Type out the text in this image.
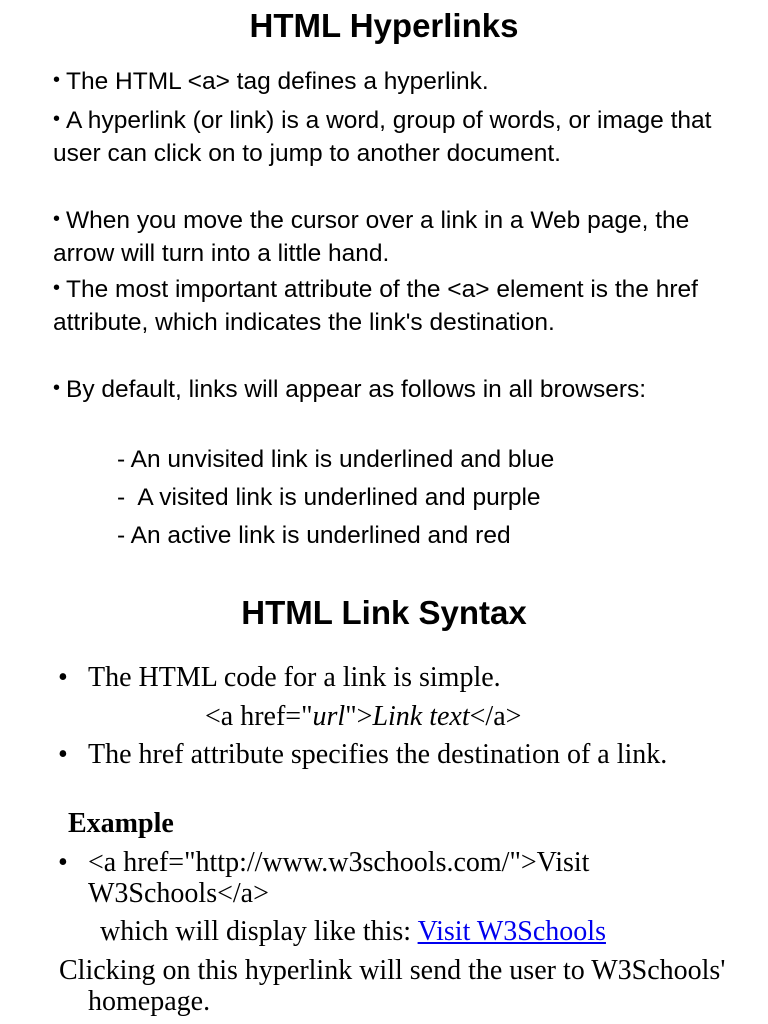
HTML Hyperlinks
• The HTML <a> tag defines a hyperlink.
• A hyperlink (or link) is a word, group of words, or image that user can click on to jump to another document.
• When you move the cursor over a link in a Web page, the arrow will turn into a little hand.
• The most important attribute of the <a> element is the href attribute, which indicates the link's destination.
• By default, links will appear as follows in all browsers:
- An unvisited link is underlined and blue
-  A visited link is underlined and purple
- An active link is underlined and red
HTML Link Syntax
• The HTML code for a link is simple.
<a href="url">Link text</a>
• The href attribute specifies the destination of a link.
Example
• <a href="http://www.w3schools.com/">Visit W3Schools</a>
which will display like this: Visit W3Schools
Clicking on this hyperlink will send the user to W3Schools' homepage.
